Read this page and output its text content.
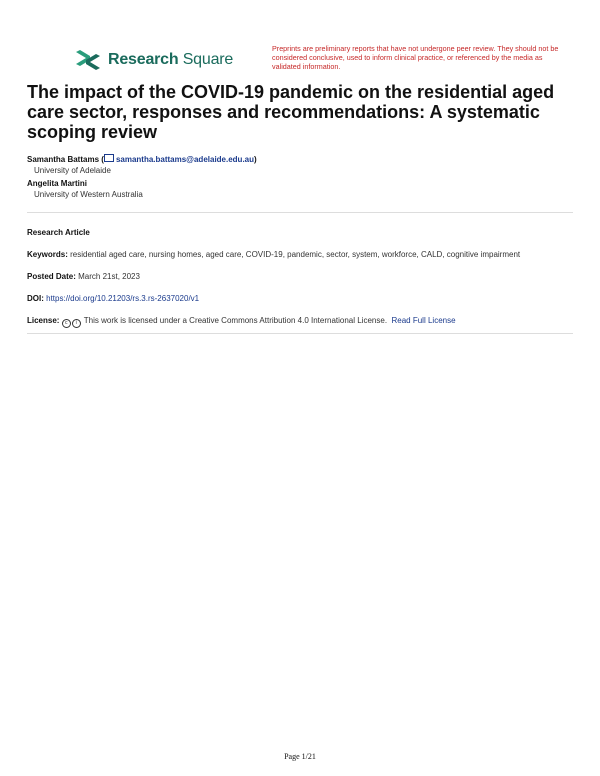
Research Square
Preprints are preliminary reports that have not undergone peer review. They should not be considered conclusive, used to inform clinical practice, or referenced by the media as validated information.
The impact of the COVID-19 pandemic on the residential aged care sector, responses and recommendations: A systematic scoping review
Samantha Battams ( samantha.battams@adelaide.edu.au)
University of Adelaide
Angelita Martini
University of Western Australia
Research Article
Keywords: residential aged care, nursing homes, aged care, COVID-19, pandemic, sector, system, workforce, CALD, cognitive impairment
Posted Date: March 21st, 2023
DOI: https://doi.org/10.21203/rs.3.rs-2637020/v1
License: c i This work is licensed under a Creative Commons Attribution 4.0 International License. Read Full License
Page 1/21
